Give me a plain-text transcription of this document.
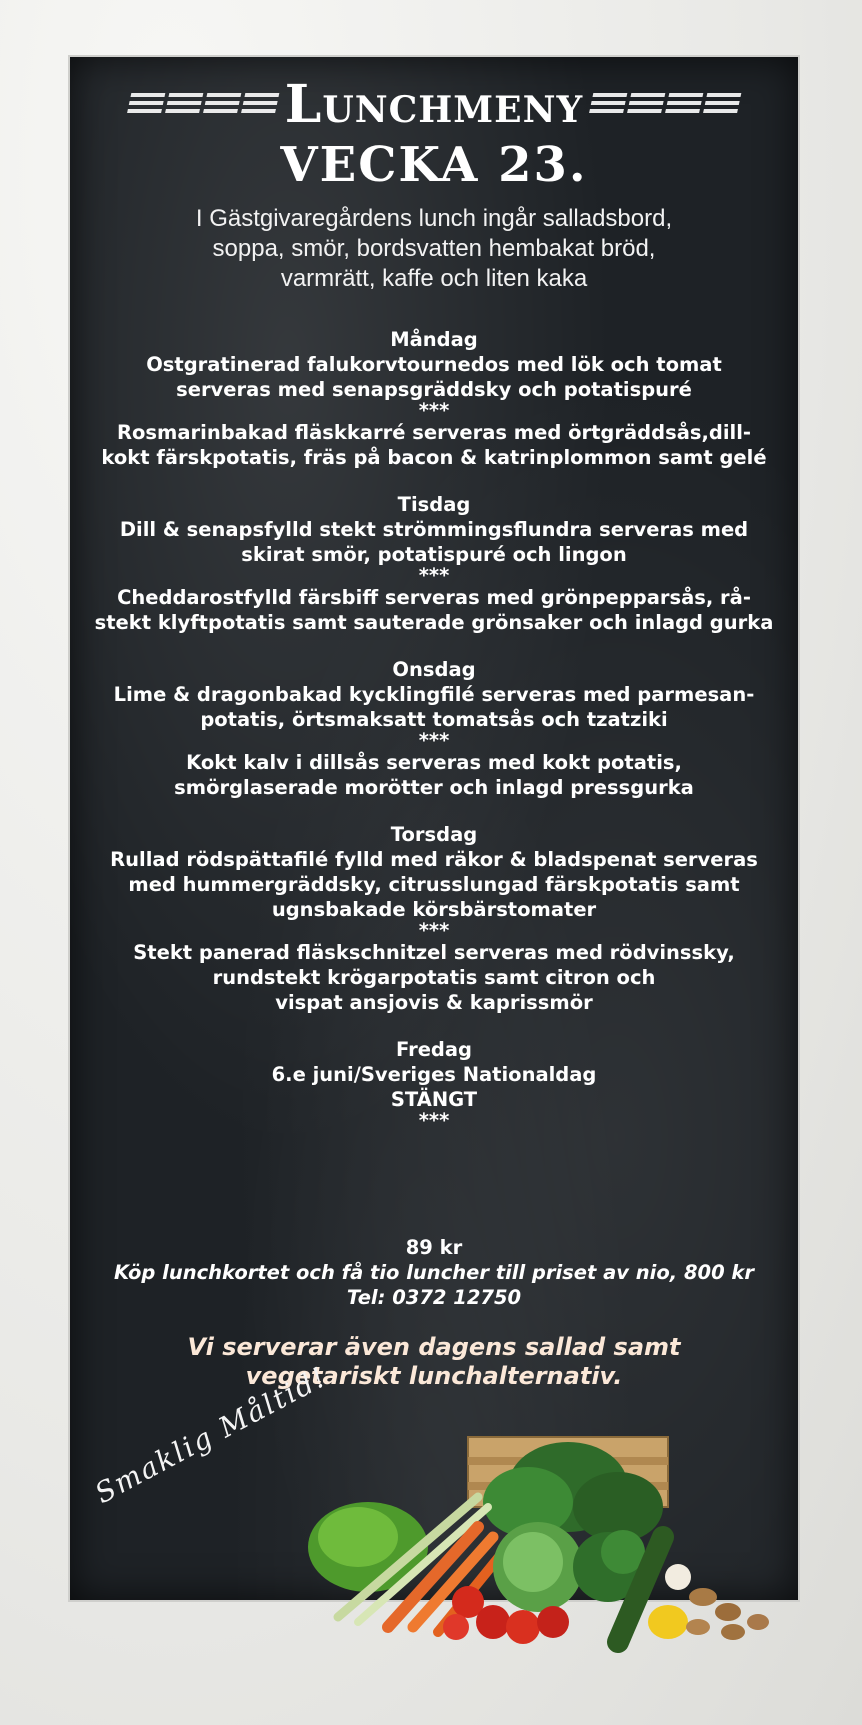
Lunchmeny
VECKA 23.
I Gästgivaregårdens lunch ingår salladsbord,
soppa, smör, bordsvatten hembakat bröd,
varmrätt, kaffe och liten kaka

Måndag

Ostgratinerad falukorvtournedos med lök och tomat

serveras med senapsgräddsky och potatispuré

***

Rosmarinbakad fläskkarré serveras med örtgräddsås,dill-

kokt färskpotatis, fräs på bacon & katrinplommon samt gelé

Tisdag

Dill & senapsfylld stekt strömmingsflundra serveras med

skirat smör, potatispuré och lingon

***

Cheddarostfylld färsbiff serveras med grönpepparsås, rå-

stekt klyftpotatis samt sauterade grönsaker och inlagd gurka

Onsdag

Lime & dragonbakad kycklingfilé serveras med parmesan-

potatis, örtsmaksatt tomatsås och tzatziki

***

Kokt kalv i dillsås serveras med kokt potatis,

smörglaserade morötter och inlagd pressgurka

Torsdag

Rullad rödspättafilé fylld med räkor & bladspenat serveras

med hummergräddsky, citrusslungad färskpotatis samt

ugnsbakade körsbärstomater

***

Stekt panerad fläskschnitzel serveras med rödvinssky,

rundstekt krögarpotatis samt citron och

vispat ansjovis & kaprissmör

Fredag

6.e juni/Sveriges Nationaldag

STÄNGT

***

89 kr
Köp lunchkortet och få tio luncher till priset av nio, 800 kr
Tel: 0372 12750
Vi serverar även dagens sallad samt
vegetariskt lunchalternativ.
Smaklig Måltid!
